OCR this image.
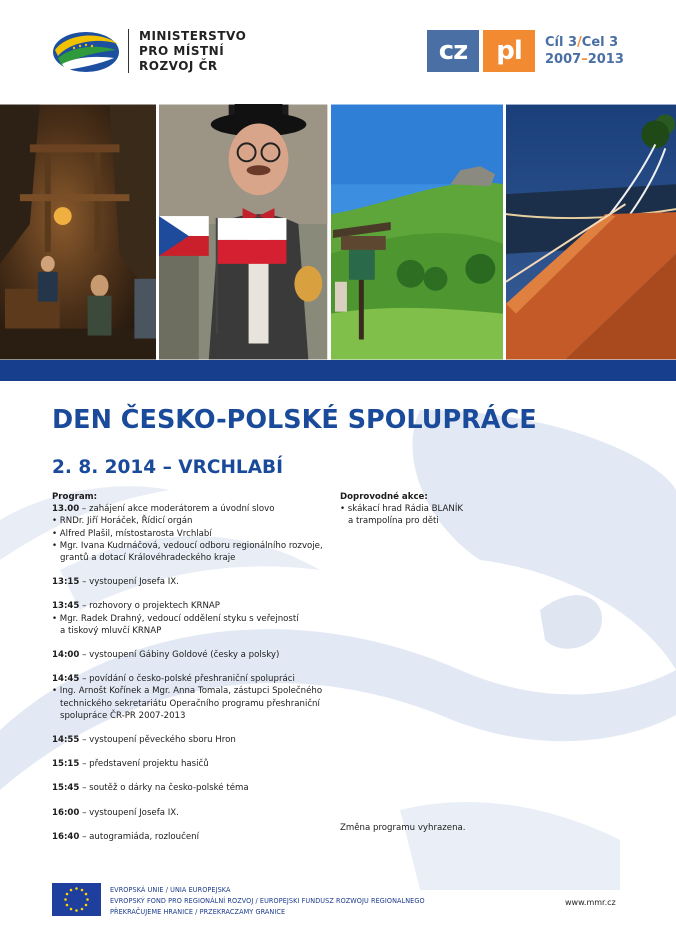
MINISTERSTVO
PRO MÍSTNÍ
ROZVOJ ČR	cz	pl	Cíl 3/Cel 3
2007–2013
DEN ČESKO-POLSKÉ SPOLUPRÁCE
2. 8. 2014 – VRCHLABÍ
Program:
13.00 – zahájení akce moderátorem a úvodní slovo
• RNDr. Jiří Horáček, Řídicí orgán
• Alfred Plašil, místostarosta Vrchlabí
• Mgr. Ivana Kudrnáčová, vedoucí odboru regionálního rozvoje,
grantů a dotací Královéhradeckého kraje
13:15 – vystoupení Josefa IX.
13:45 – rozhovory o projektech KRNAP
• Mgr. Radek Drahný, vedoucí oddělení styku s veřejností
a tiskový mluvčí KRNAP
14:00 – vystoupení Gábiny Goldové (česky a polsky)
14:45 – povídání o česko-polské přeshraniční spolupráci
• Ing. Arnošt Kořínek a Mgr. Anna Tomala, zástupci Společného
technického sekretariátu Operačního programu přeshraniční
spolupráce ČR-PR 2007-2013
14:55 – vystoupení pěveckého sboru Hron
15:15 – představení projektu hasičů
15:45 – soutěž o dárky na česko-polské téma
16:00 – vystoupení Josefa IX.
16:40 – autogramiáda, rozloučení
Doprovodné akce:
• skákací hrad Rádia BLANÍK
a trampolína pro děti
Změna programu vyhrazena.
EVROPSKÁ UNIE / UNIA EUROPEJSKA
EVROPSKÝ FOND PRO REGIONÁLNÍ ROZVOJ / EUROPEJSKI FUNDUSZ ROZWOJU REGIONALNEGO
PŘEKRAČUJEME HRANICE / PRZEKRACZAMY GRANICE
www.mmr.cz
